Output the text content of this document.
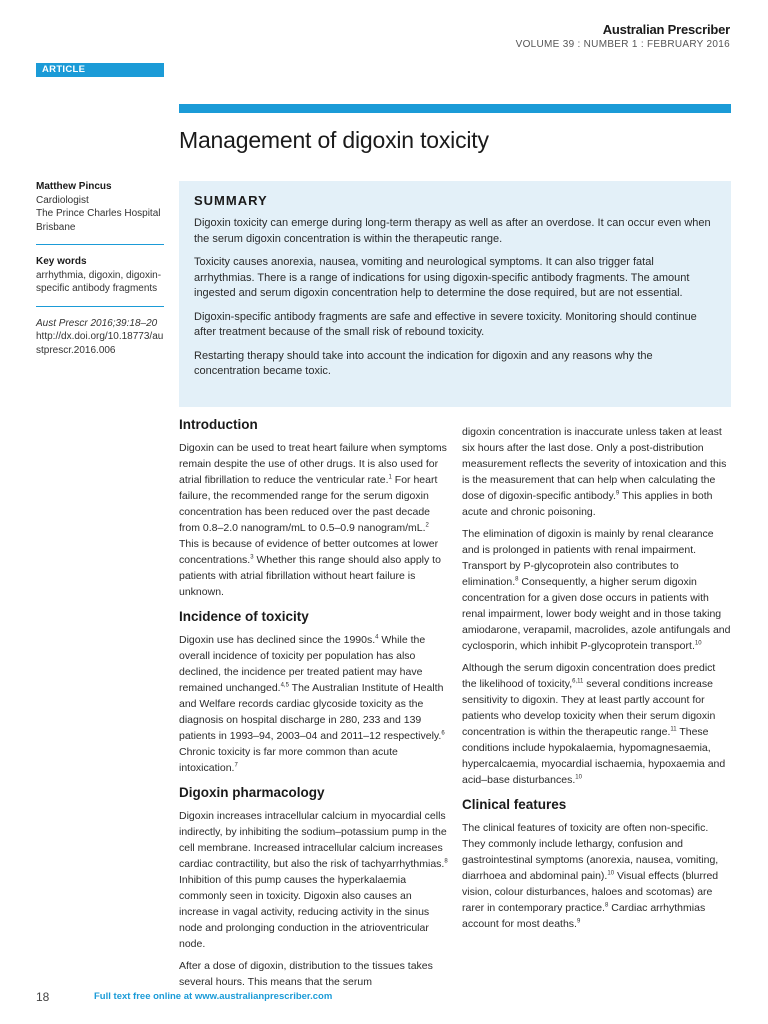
Australian Prescriber
VOLUME 39 : NUMBER 1 : FEBRUARY 2016
ARTICLE
Management of digoxin toxicity
Matthew Pincus
Cardiologist
The Prince Charles Hospital
Brisbane
Key words
arrhythmia, digoxin, digoxin-specific antibody fragments
Aust Prescr 2016;39:18–20
http://dx.doi.org/10.18773/austprescr.2016.006
SUMMARY

Digoxin toxicity can emerge during long-term therapy as well as after an overdose. It can occur even when the serum digoxin concentration is within the therapeutic range.

Toxicity causes anorexia, nausea, vomiting and neurological symptoms. It can also trigger fatal arrhythmias. There is a range of indications for using digoxin-specific antibody fragments. The amount ingested and serum digoxin concentration help to determine the dose required, but are not essential.

Digoxin-specific antibody fragments are safe and effective in severe toxicity. Monitoring should continue after treatment because of the small risk of rebound toxicity.

Restarting therapy should take into account the indication for digoxin and any reasons why the concentration became toxic.

Introduction

Digoxin can be used to treat heart failure when symptoms remain despite the use of other drugs. It is also used for atrial fibrillation to reduce the ventricular rate.$^1$ For heart failure, the recommended range for the serum digoxin concentration has been reduced over the past decade from 0.8–2.0 nanogram/mL to 0.5–0.9 nanogram/mL.$^2$ This is because of evidence of better outcomes at lower concentrations.$^3$ Whether this range should also apply to patients with atrial fibrillation without heart failure is unknown.

Incidence of toxicity

Digoxin use has declined since the 1990s.$^4$ While the overall incidence of toxicity per population has also declined, the incidence per treated patient may have remained unchanged.$^{4,5}$ The Australian Institute of Health and Welfare records cardiac glycoside toxicity as the diagnosis on hospital discharge in 280, 233 and 139 patients in 1993–94, 2003–04 and 2011–12 respectively.$^6$ Chronic toxicity is far more common than acute intoxication.$^7$

Digoxin pharmacology

Digoxin increases intracellular calcium in myocardial cells indirectly, by inhibiting the sodium–potassium pump in the cell membrane. Increased intracellular calcium increases cardiac contractility, but also the risk of tachyarrhythmias.$^8$ Inhibition of this pump causes the hyperkalaemia commonly seen in toxicity. Digoxin also causes an increase in vagal activity, reducing activity in the sinus node and prolonging conduction in the atrioventricular node.

After a dose of digoxin, distribution to the tissues takes several hours. This means that the serum

digoxin concentration is inaccurate unless taken at least six hours after the last dose. Only a post-distribution measurement reflects the severity of intoxication and this is the measurement that can help when calculating the dose of digoxin-specific antibody.$^9$ This applies in both acute and chronic poisoning.

The elimination of digoxin is mainly by renal clearance and is prolonged in patients with renal impairment. Transport by P-glycoprotein also contributes to elimination.$^8$ Consequently, a higher serum digoxin concentration for a given dose occurs in patients with renal impairment, lower body weight and in those taking amiodarone, verapamil, macrolides, azole antifungals and cyclosporin, which inhibit P-glycoprotein transport.$^{10}$

Although the serum digoxin concentration does predict the likelihood of toxicity,$^{6,11}$ several conditions increase sensitivity to digoxin. They at least partly account for patients who develop toxicity when their serum digoxin concentration is within the therapeutic range.$^{11}$ These conditions include hypokalaemia, hypomagnesaemia, hypercalcaemia, myocardial ischaemia, hypoxaemia and acid–base disturbances.$^{10}$

Clinical features

The clinical features of toxicity are often non-specific. They commonly include lethargy, confusion and gastrointestinal symptoms (anorexia, nausea, vomiting, diarrhoea and abdominal pain).$^{10}$ Visual effects (blurred vision, colour disturbances, haloes and scotomas) are rarer in contemporary practice.$^8$ Cardiac arrhythmias account for most deaths.$^9$

18	Full text free online at www.australianprescriber.com
